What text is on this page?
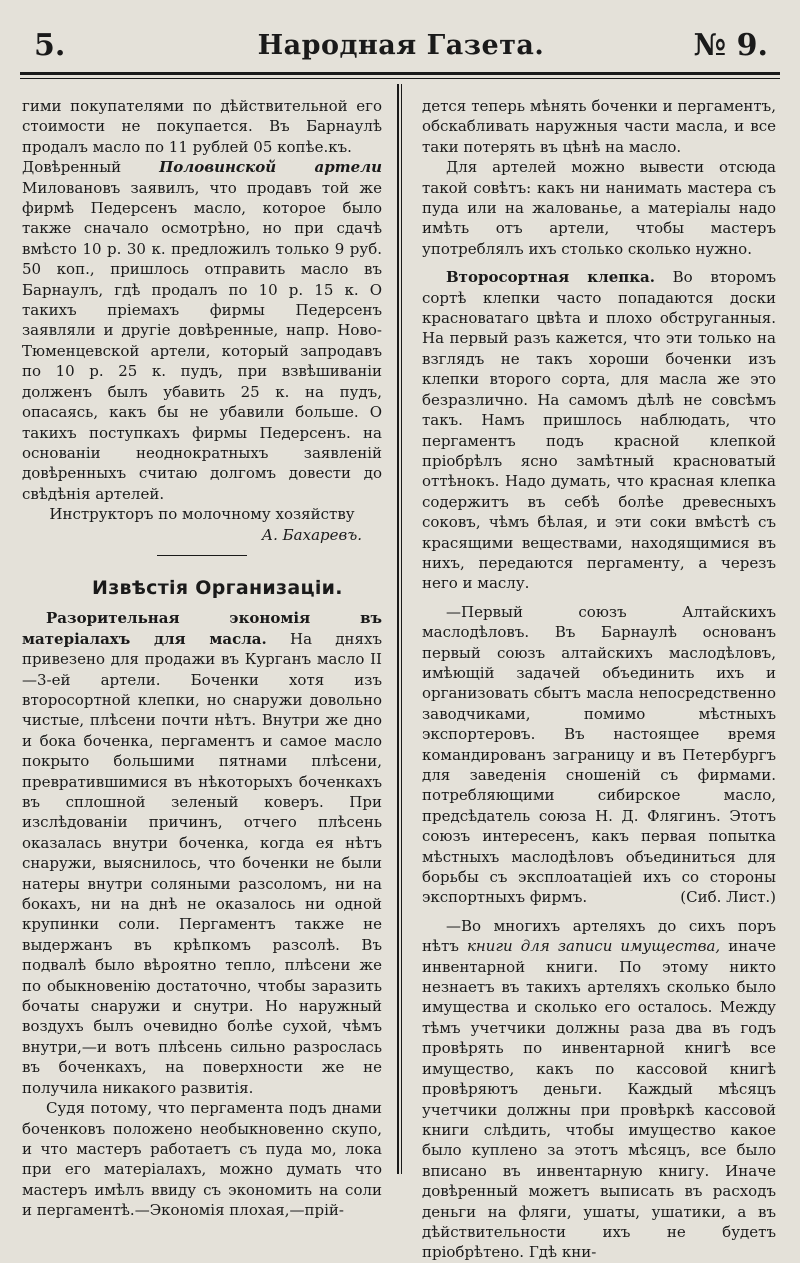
5.	Народная Газета.	№ 9.

гими покупателями по дѣйствительной его стоимости не покупается. Въ Барнаулѣ продалъ масло по 11 рублей 05 копѣе.къ.

Довѣренный Половинской артели Миловановъ заявилъ, что продавъ той же фирмѣ Педерсенъ масло, которое было также сначало осмотрѣно, но при сдачѣ вмѣсто 10 р. 30 к. предложилъ только 9 руб. 50 коп., пришлось отправить масло въ Барнаулъ, гдѣ продалъ по 10 р. 15 к. О такихъ пріемахъ фирмы Педерсенъ заявляли и другіе довѣренные, напр. Ново-Тюменцевской артели, который запродавъ по 10 р. 25 к. пудъ, при взвѣшиваніи долженъ былъ убавить 25 к. на пудъ, опасаясь, какъ бы не убавили больше. О такихъ поступкахъ фирмы Педерсенъ. на основаніи неоднократныхъ заявленій довѣренныхъ считаю долгомъ довести до свѣдѣнія артелей.

Инструкторъ по молочному хозяйству

А. Бахаревъ.

Извѣстія Организаціи.

Разорительная экономія въ матеріалахъ для масла. На дняхъ привезено для продажи въ Курганъ масло II—3-ей артели. Боченки хотя изъ второсортной клепки, но снаружи довольно чистые, плѣсени почти нѣтъ. Внутри же дно и бока боченка, пергаментъ и самое масло покрыто большими пятнами плѣсени, превратившимися въ нѣкоторыхъ боченкахъ въ сплошной зеленый коверъ. При изслѣдованіи причинъ, отчего плѣсень оказалась внутри боченка, когда ея нѣтъ снаружи, выяснилось, что боченки не были натеры внутри соляными разсоломъ, ни на бокахъ, ни на днѣ не оказалось ни одной крупинки соли. Пергаментъ также не выдержанъ въ крѣпкомъ разсолѣ. Въ подвалѣ было вѣроятно тепло, плѣсени же по обыкновенію достаточно, чтобы заразить бочаты снаружи и снутри. Но наружный воздухъ былъ очевидно болѣе сухой, чѣмъ внутри,—и вотъ плѣсень сильно разрослась въ боченкахъ, на поверхности же не получила никакого развитія.

Судя потому, что пергамента подъ днами боченковъ положено необыкновенно скупо, и что мастеръ работаетъ съ пуда мо, лока при его матеріалахъ, можно думать что мастеръ имѣлъ ввиду съ экономить на соли и пергаментѣ.—Экономія плохая,—прій-

дется теперь мѣнять боченки и пергаментъ, обскабливать наружныя части масла, и все таки потерять въ цѣнѣ на масло.

Для артелей можно вывести отсюда такой совѣтъ: какъ ни нанимать мастера съ пуда или на жалованье, а матеріалы надо имѣть отъ артели, чтобы мастеръ употреблялъ ихъ столько сколько нужно.

Второсортная клепка. Во второмъ сортѣ клепки часто попадаются доски красноватаго цвѣта и плохо обструганныя. На первый разъ кажется, что эти только на взглядъ не такъ хороши боченки изъ клепки второго сорта, для масла же это безразлично. На самомъ дѣлѣ не совсѣмъ такъ. Намъ пришлось наблюдать, что пергаментъ подъ красной клепкой пріобрѣлъ ясно замѣтный красноватый оттѣнокъ. Надо думать, что красная клепка содержитъ въ себѣ болѣе древесныхъ соковъ, чѣмъ бѣлая, и эти соки вмѣстѣ съ красящими веществами, находящимися въ нихъ, передаются пергаменту, а черезъ него и маслу.

—Первый союзъ Алтайскихъ маслодѣловъ. Въ Барнаулѣ основанъ первый союзъ алтайскихъ маслодѣловъ, имѣющій задачей объединить ихъ и организовать сбытъ масла непосредственно заводчиками, помимо мѣстныхъ экспортеровъ. Въ настоящее время командированъ заграницу и въ Петербургъ для заведенія сношеній съ фирмами. потребляющими сибирское масло, предсѣдатель союза Н. Д. Флягинъ. Этотъ союзъ интересенъ, какъ первая попытка мѣстныхъ маслодѣловъ объединиться для борьбы съ эксплоатаціей ихъ со стороны экспортныхъ фирмъ.	(Сиб. Лист.)

—Во многихъ артеляхъ до сихъ поръ нѣтъ книги для записи имущества, иначе инвентарной книги. По этому никто незнаетъ въ такихъ артеляхъ сколько было имущества и сколько его осталось. Между тѣмъ учетчики должны раза два въ годъ провѣрять по инвентарной книгѣ все имущество, какъ по кассовой книгѣ провѣряютъ деньги. Каждый мѣсяцъ учетчики должны при провѣркѣ кассовой книги слѣдить, чтобы имущество какое было куплено за этотъ мѣсяцъ, все было вписано въ инвентарную книгу. Иначе довѣренный можетъ выписать въ расходъ деньги на фляги, ушаты, ушатики, а въ дѣйствительности ихъ не будетъ пріобрѣтено. Гдѣ кни-
